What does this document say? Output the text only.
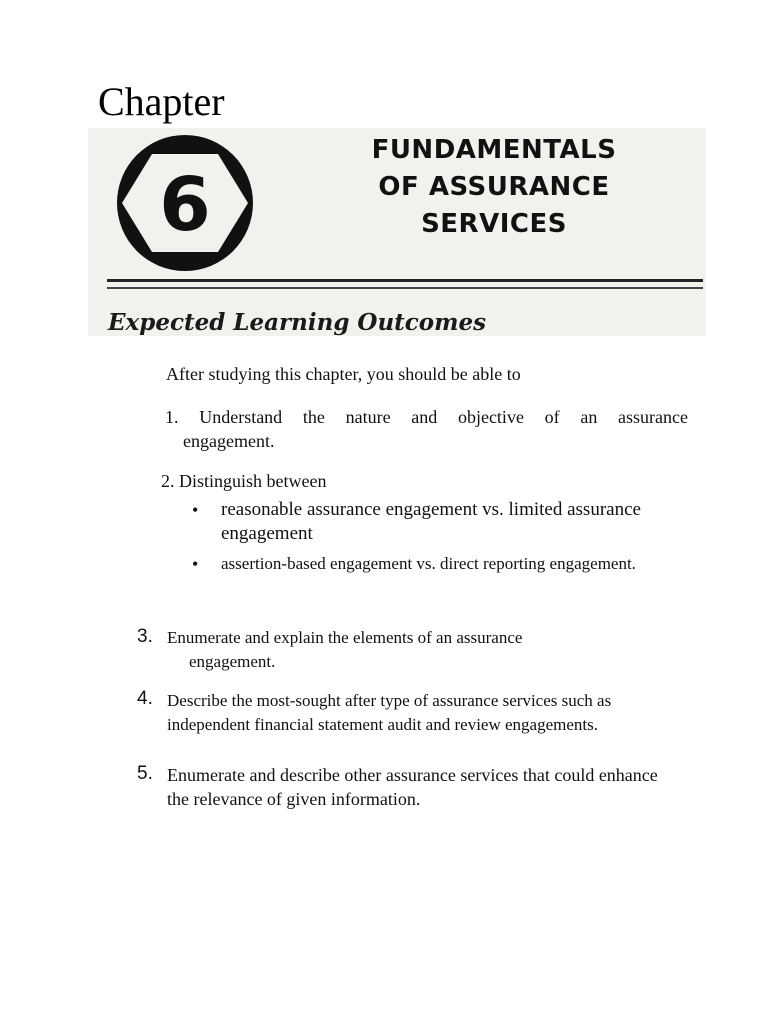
Chapter
6
FUNDAMENTALS
OF ASSURANCE
SERVICES
Expected Learning Outcomes
After studying this chapter, you should be able to
1. Understand the nature and objective of an assurance
engagement.
2. Distinguish between
• reasonable assurance engagement vs. limited assurance engagement
• assertion-based engagement vs. direct reporting engagement.
3. Enumerate and explain the elements of an assurance
engagement.
4. Describe the most-sought after type of assurance services such as independent financial statement audit and review engagements.
5. Enumerate and describe other assurance services that could enhance the relevance of given information.
